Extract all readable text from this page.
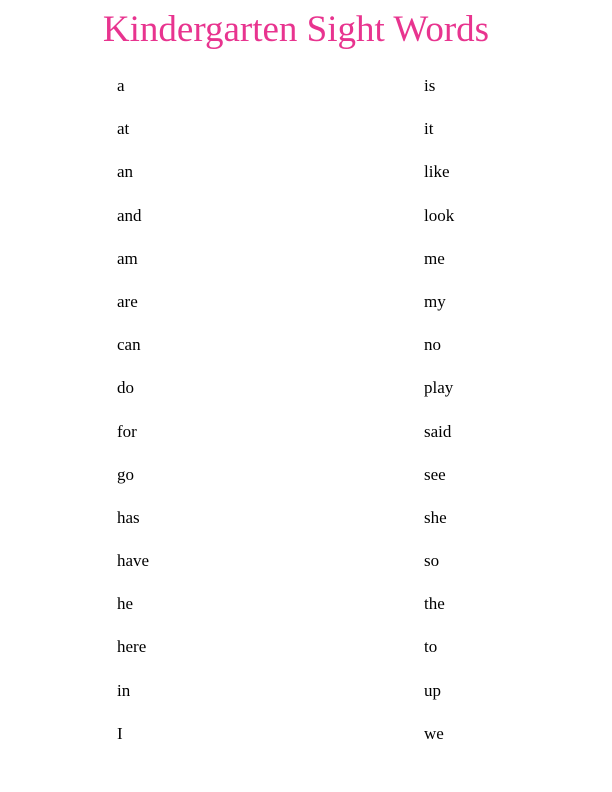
Kindergarten Sight Words
a
at
an
and
am
are
can
do
for
go
has
have
he
here
in
I
is
it
like
look
me
my
no
play
said
see
she
so
the
to
up
we
